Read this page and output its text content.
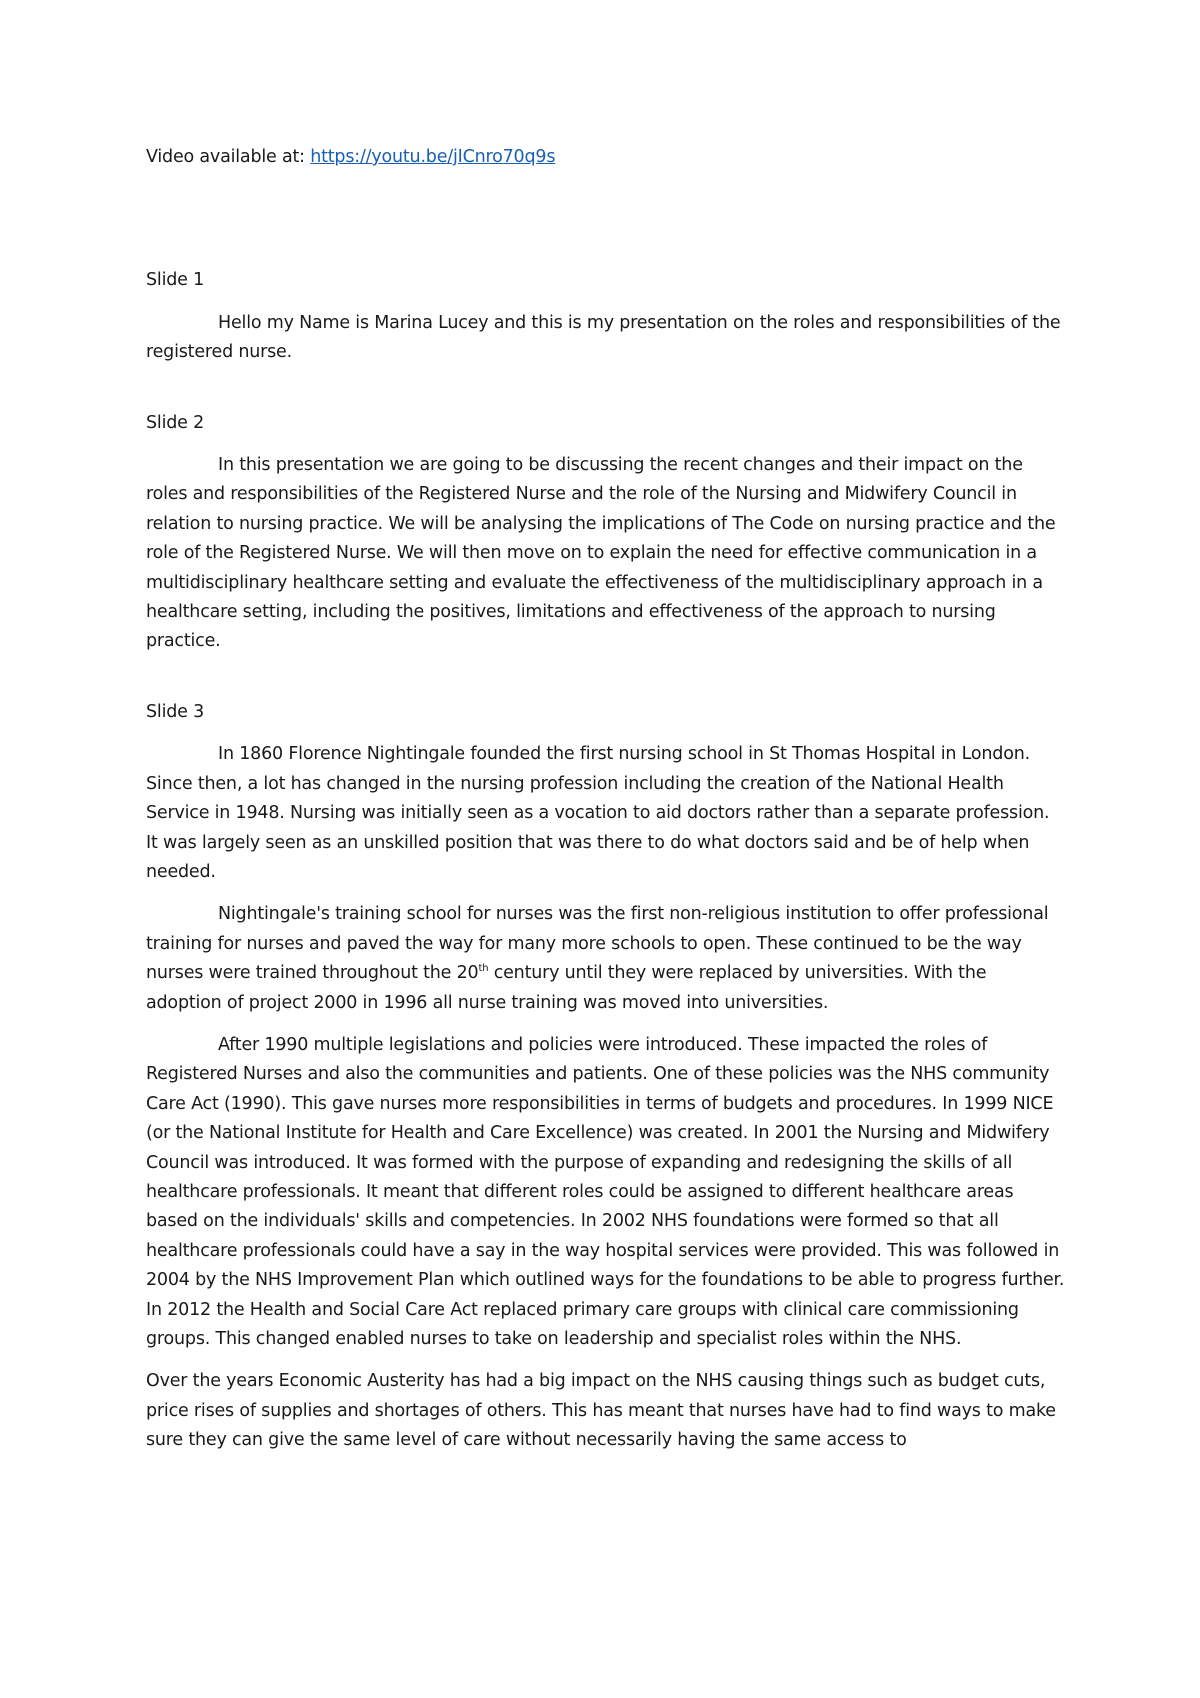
Video available at: https://youtu.be/jICnro70q9s

Slide 1

Hello my Name is Marina Lucey and this is my presentation on the roles and responsibilities of the registered nurse.

Slide 2

In this presentation we are going to be discussing the recent changes and their impact on the roles and responsibilities of the Registered Nurse and the role of the Nursing and Midwifery Council in relation to nursing practice. We will be analysing the implications of The Code on nursing practice and the role of the Registered Nurse. We will then move on to explain the need for effective communication in a multidisciplinary healthcare setting and evaluate the effectiveness of the multidisciplinary approach in a healthcare setting, including the positives, limitations and effectiveness of the approach to nursing practice.

Slide 3

In 1860 Florence Nightingale founded the first nursing school in St Thomas Hospital in London. Since then, a lot has changed in the nursing profession including the creation of the National Health Service in 1948. Nursing was initially seen as a vocation to aid doctors rather than a separate profession. It was largely seen as an unskilled position that was there to do what doctors said and be of help when needed.

Nightingale's training school for nurses was the first non-religious institution to offer professional training for nurses and paved the way for many more schools to open. These continued to be the way nurses were trained throughout the 20th century until they were replaced by universities. With the adoption of project 2000 in 1996 all nurse training was moved into universities.

After 1990 multiple legislations and policies were introduced. These impacted the roles of Registered Nurses and also the communities and patients. One of these policies was the NHS community Care Act (1990). This gave nurses more responsibilities in terms of budgets and procedures. In 1999 NICE (or the National Institute for Health and Care Excellence) was created. In 2001 the Nursing and Midwifery Council was introduced. It was formed with the purpose of expanding and redesigning the skills of all healthcare professionals. It meant that different roles could be assigned to different healthcare areas based on the individuals' skills and competencies. In 2002 NHS foundations were formed so that all healthcare professionals could have a say in the way hospital services were provided. This was followed in 2004 by the NHS Improvement Plan which outlined ways for the foundations to be able to progress further. In 2012 the Health and Social Care Act replaced primary care groups with clinical care commissioning groups. This changed enabled nurses to take on leadership and specialist roles within the NHS.

Over the years Economic Austerity has had a big impact on the NHS causing things such as budget cuts, price rises of supplies and shortages of others. This has meant that nurses have had to find ways to make sure they can give the same level of care without necessarily having the same access to
